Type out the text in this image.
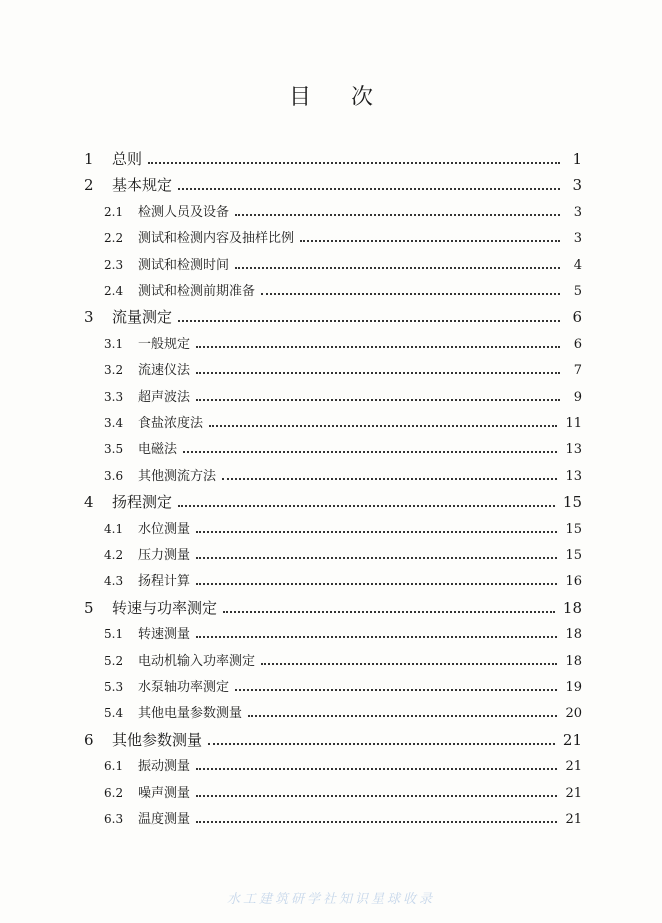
目 次
1	总则	1
2	基本规定	3
2.1	检测人员及设备	3
2.2	测试和检测内容及抽样比例	3
2.3	测试和检测时间	4
2.4	测试和检测前期准备	5
3	流量测定	6
3.1	一般规定	6
3.2	流速仪法	7
3.3	超声波法	9
3.4	食盐浓度法	11
3.5	电磁法	13
3.6	其他测流方法	13
4	扬程测定	15
4.1	水位测量	15
4.2	压力测量	15
4.3	扬程计算	16
5	转速与功率测定	18
5.1	转速测量	18
5.2	电动机输入功率测定	18
5.3	水泵轴功率测定	19
5.4	其他电量参数测量	20
6	其他参数测量	21
6.1	振动测量	21
6.2	噪声测量	21
6.3	温度测量	21
水工建筑研学社知识星球收录
